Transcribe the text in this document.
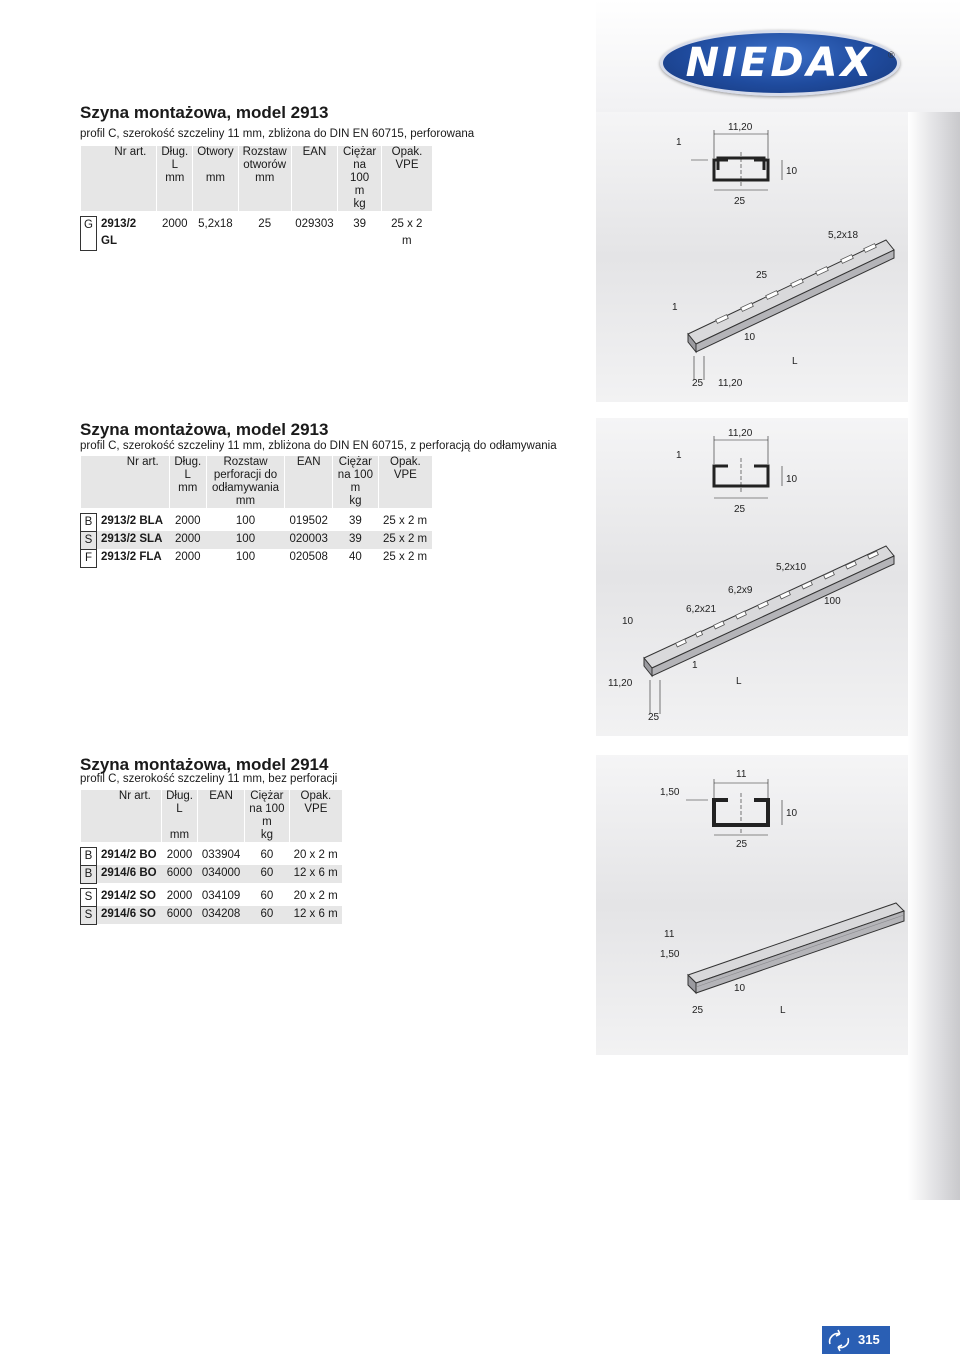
NIEDAX	®
Szyna montażowa, model 2913
profil C, szerokość szczeliny 11 mm, zbliżona do DIN EN 60715, perforowana
Nr art.		Dług.
L
mm	Otwory

mm	Rozstaw
otworów
mm	EAN	Ciężar
na 100
m
kg	Opak.
VPE

G	2913/2 GL	2000	5,2x18	25	029303	39	25 x 2 m
11,20
1
10
25
5,2x18
25
1
10
L
25 11,20
Szyna montażowa, model 2913
profil C, szerokość szczeliny 11 mm, zbliżona do DIN EN 60715, z perforacją do odłamywania
Nr art.		Dług.
L
mm	Rozstaw
perforacji do
odłamywania
mm	EAN	Ciężar
na 100
m
kg	Opak.
VPE

B	2913/2 BLA	2000	100	019502	39	25 x 2 m
S	2913/2 SLA	2000	100	020003	39	25 x 2 m
F	2913/2 FLA	2000	100	020508	40	25 x 2 m
11,20
1
10
25
5,2x10
6,2x9
6,2x21
100
10
1
L
11,20
25
Szyna montażowa, model 2914
profil C, szerokość szczeliny 11 mm, bez perforacji
Nr art.		Dług.
L

mm	EAN	Ciężar
na 100
m
kg	Opak.
VPE

B	2914/2 BO	2000	033904	60	20 x 2 m
B	2914/6 BO	6000	034000	60	12 x 6 m

S	2914/2 SO	2000	034109	60	20 x 2 m
S	2914/6 SO	6000	034208	60	12 x 6 m
11
1,50
10
25
11
1,50
10
25	L
315
